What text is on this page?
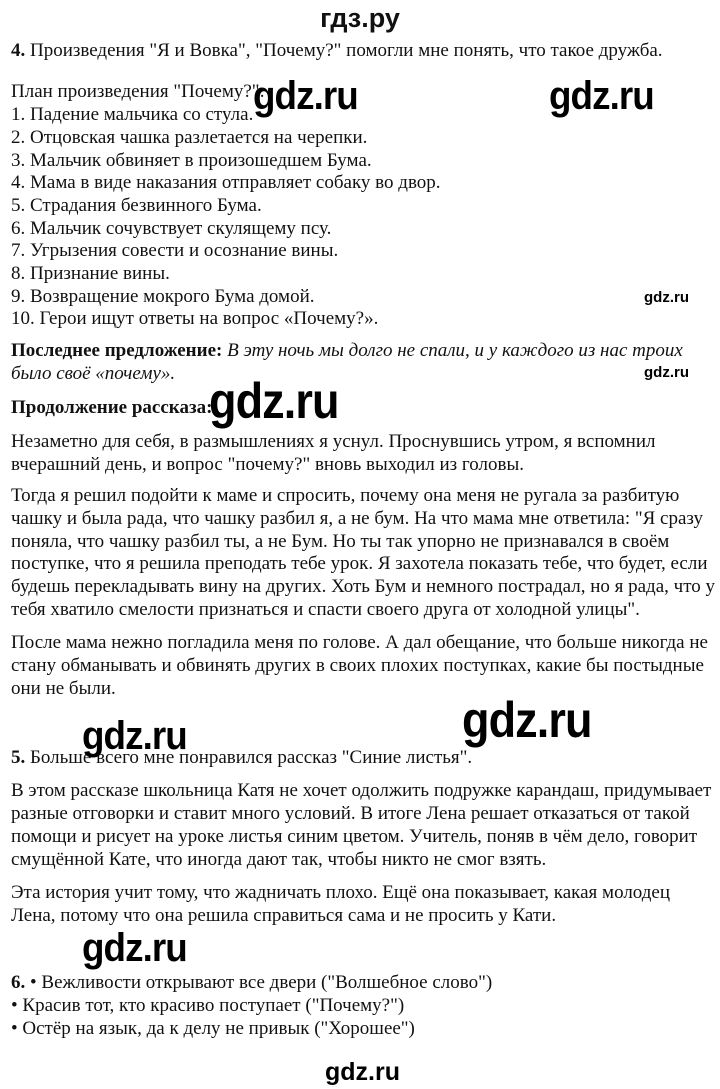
гдз.ру
4. Произведения "Я и Вовка", "Почему?" помогли мне понять, что такое дружба.
План произведения "Почему?":
1. Падение мальчика со стула.
2. Отцовская чашка разлетается на черепки.
3. Мальчик обвиняет в произошедшем Бума.
4. Мама в виде наказания отправляет собаку во двор.
5. Страдания безвинного Бума.
6. Мальчик сочувствует скулящему псу.
7. Угрызения совести и осознание вины.
8. Признание вины.
9. Возвращение мокрого Бума домой.
10. Герои ищут ответы на вопрос «Почему?».
Последнее предложение: В эту ночь мы долго не спали, и у каждого из нас троих
было своё «почему».
Продолжение рассказа:
Незаметно для себя, в размышлениях я уснул. Проснувшись утром, я вспомнил
вчерашний день, и вопрос "почему?" вновь выходил из головы.
Тогда я решил подойти к маме и спросить, почему она меня не ругала за разбитую
чашку и была рада, что чашку разбил я, а не бум. На что мама мне ответила: "Я сразу
поняла, что чашку разбил ты, а не Бум. Но ты так упорно не признавался в своём
поступке, что я решила преподать тебе урок. Я захотела показать тебе, что будет, если
будешь перекладывать вину на других. Хоть Бум и немного пострадал, но я рада, что у
тебя хватило смелости признаться и спасти своего друга от холодной улицы".
После мама нежно погладила меня по голове. А дал обещание, что больше никогда не
стану обманывать и обвинять других в своих плохих поступках, какие бы постыдные
они не были.
5. Больше всего мне понравился рассказ "Синие листья".
В этом рассказе школьница Катя не хочет одолжить подружке карандаш, придумывает
разные отговорки и ставит много условий. В итоге Лена решает отказаться от такой
помощи и рисует на уроке листья синим цветом. Учитель, поняв в чём дело, говорит
смущённой Кате, что иногда дают так, чтобы никто не смог взять.
Эта история учит тому, что жадничать плохо. Ещё она показывает, какая молодец
Лена, потому что она решила справиться сама и не просить у Кати.
6. • Вежливости открывают все двери ("Волшебное слово")
• Красив тот, кто красиво поступает ("Почему?")
• Остёр на язык, да к делу не привык ("Хорошее")
gdz.ru	gdz.ru
gdz.ru
gdz.ru
gdz.ru
gdz.ru	gdz.ru
gdz.ru
gdz.ru
